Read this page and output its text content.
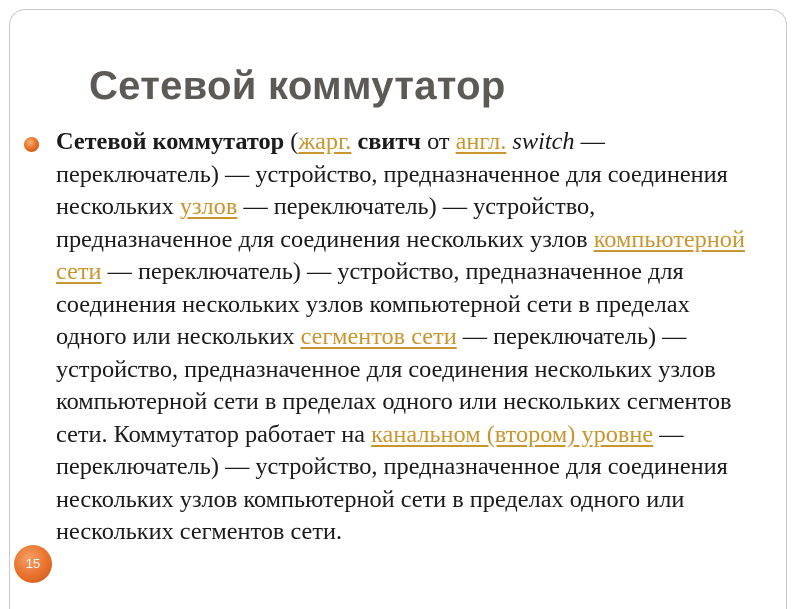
Сетевой коммутатор
Сетевой коммутатор (жарг. свитч от англ. switch — переключатель) — устройство, предназначенное для соединения нескольких узлов — переключатель) — устройство, предназначенное для соединения нескольких узлов компьютерной сети — переключатель) — устройство, предназначенное для соединения нескольких узлов компьютерной сети в пределах одного или нескольких сегментов сети — переключатель) — устройство, предназначенное для соединения нескольких узлов компьютерной сети в пределах одного или нескольких сегментов сети. Коммутатор работает на канальном (втором) уровне — переключатель) — устройство, предназначенное для соединения нескольких узлов компьютерной сети в пределах одного или нескольких сегментов сети.
15
